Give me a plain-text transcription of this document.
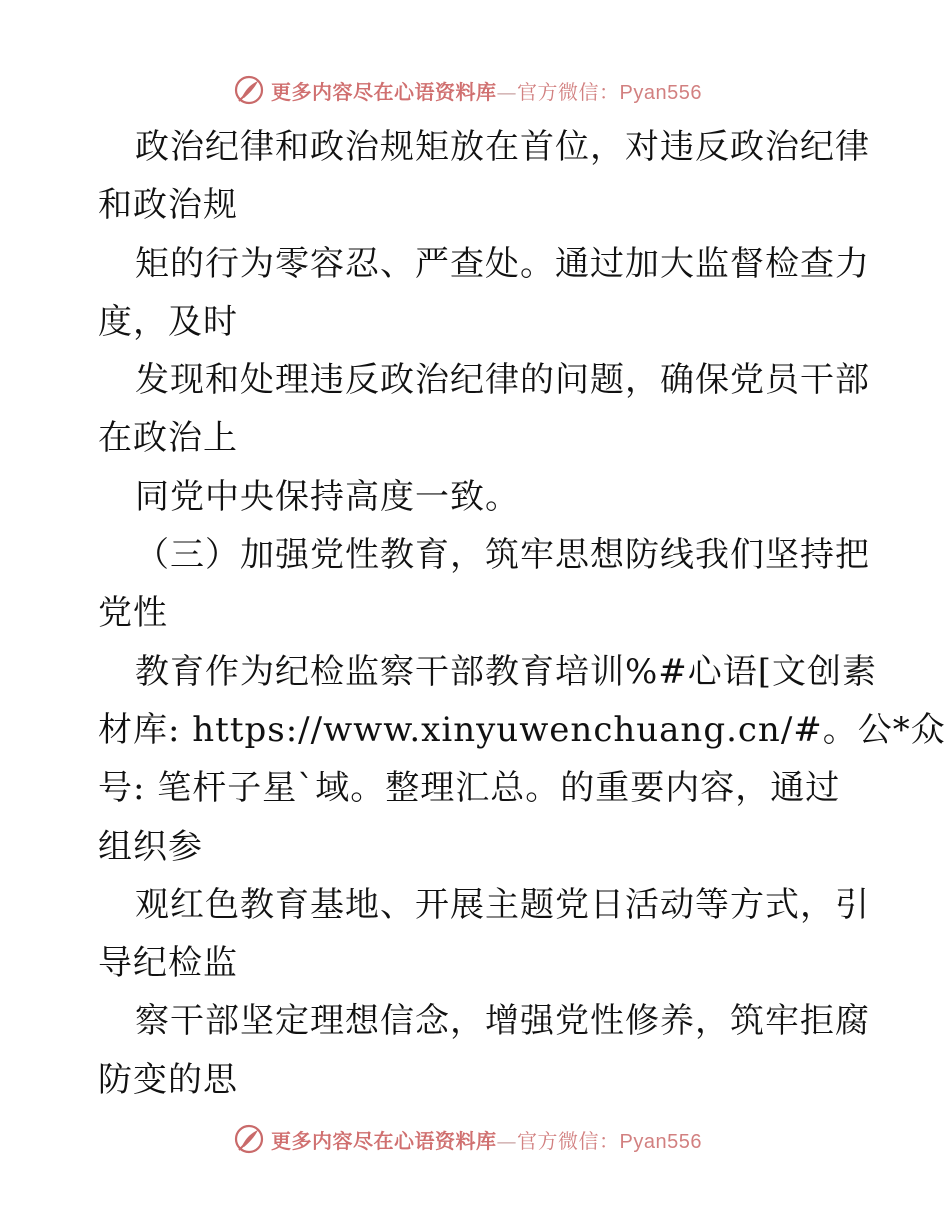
更多内容尽在心语资料库—官方微信：Pyan556
政治纪律和政治规矩放在首位，对违反政治纪律
和政治规
矩的行为零容忍、严查处。通过加大监督检查力
度，及时
发现和处理违反政治纪律的问题，确保党员干部
在政治上
同党中央保持高度一致。
（三）加强党性教育，筑牢思想防线我们坚持把
党性
教育作为纪检监察干部教育培训%#心语[文创素
材库: https://www.xinyuwenchuang.cn/#。公*众
号: 笔杆子星`域。整理汇总。的重要内容，通过
组织参
观红色教育基地、开展主题党日活动等方式，引
导纪检监
察干部坚定理想信念，增强党性修养，筑牢拒腐
防变的思
更多内容尽在心语资料库—官方微信：Pyan556
